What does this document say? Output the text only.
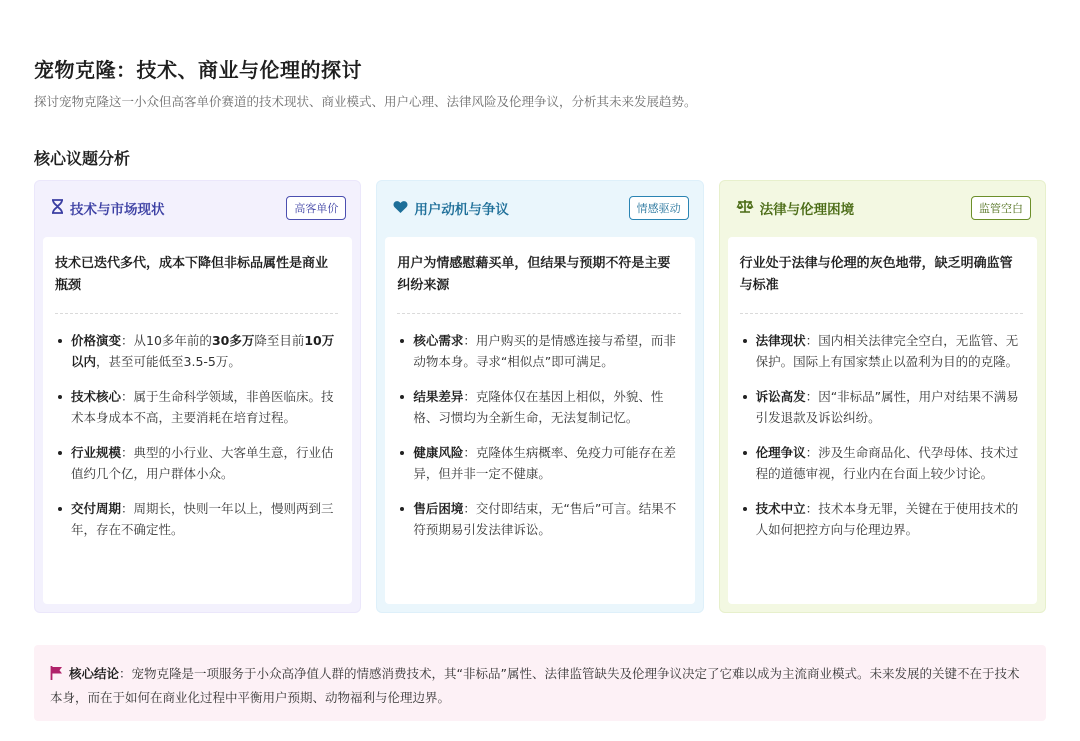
宠物克隆：技术、商业与伦理的探讨

探讨宠物克隆这一小众但高客单价赛道的技术现状、商业模式、用户心理、法律风险及伦理争议，分析其未来发展趋势。

核心议题分析
技术与市场现状	高客单价
技术已迭代多代，成本下降但非标品属性是商业瓶颈
价格演变：从10多年前的30多万降至目前10万以内，甚至可能低至3.5-5万。
技术核心：属于生命科学领域，非兽医临床。技术本身成本不高，主要消耗在培育过程。
行业规模：典型的小行业、大客单生意，行业估值约几个亿，用户群体小众。
交付周期：周期长，快则一年以上，慢则两到三年，存在不确定性。
用户动机与争议	情感驱动
用户为情感慰藉买单，但结果与预期不符是主要纠纷来源
核心需求：用户购买的是情感连接与希望，而非动物本身。寻求“相似点”即可满足。
结果差异：克隆体仅在基因上相似，外貌、性格、习惯均为全新生命，无法复制记忆。
健康风险：克隆体生病概率、免疫力可能存在差异，但并非一定不健康。
售后困境：交付即结束，无“售后”可言。结果不符预期易引发法律诉讼。
法律与伦理困境	监管空白
行业处于法律与伦理的灰色地带，缺乏明确监管与标准
法律现状：国内相关法律完全空白，无监管、无保护。国际上有国家禁止以盈利为目的的克隆。
诉讼高发：因“非标品”属性，用户对结果不满易引发退款及诉讼纠纷。
伦理争议：涉及生命商品化、代孕母体、技术过程的道德审视，行业内在台面上较少讨论。
技术中立：技术本身无罪，关键在于使用技术的人如何把控方向与伦理边界。
核心结论：宠物克隆是一项服务于小众高净值人群的情感消费技术，其“非标品”属性、法律监管缺失及伦理争议决定了它难以成为主流商业模式。未来发展的关键不在于技术本身，而在于如何在商业化过程中平衡用户预期、动物福利与伦理边界。
